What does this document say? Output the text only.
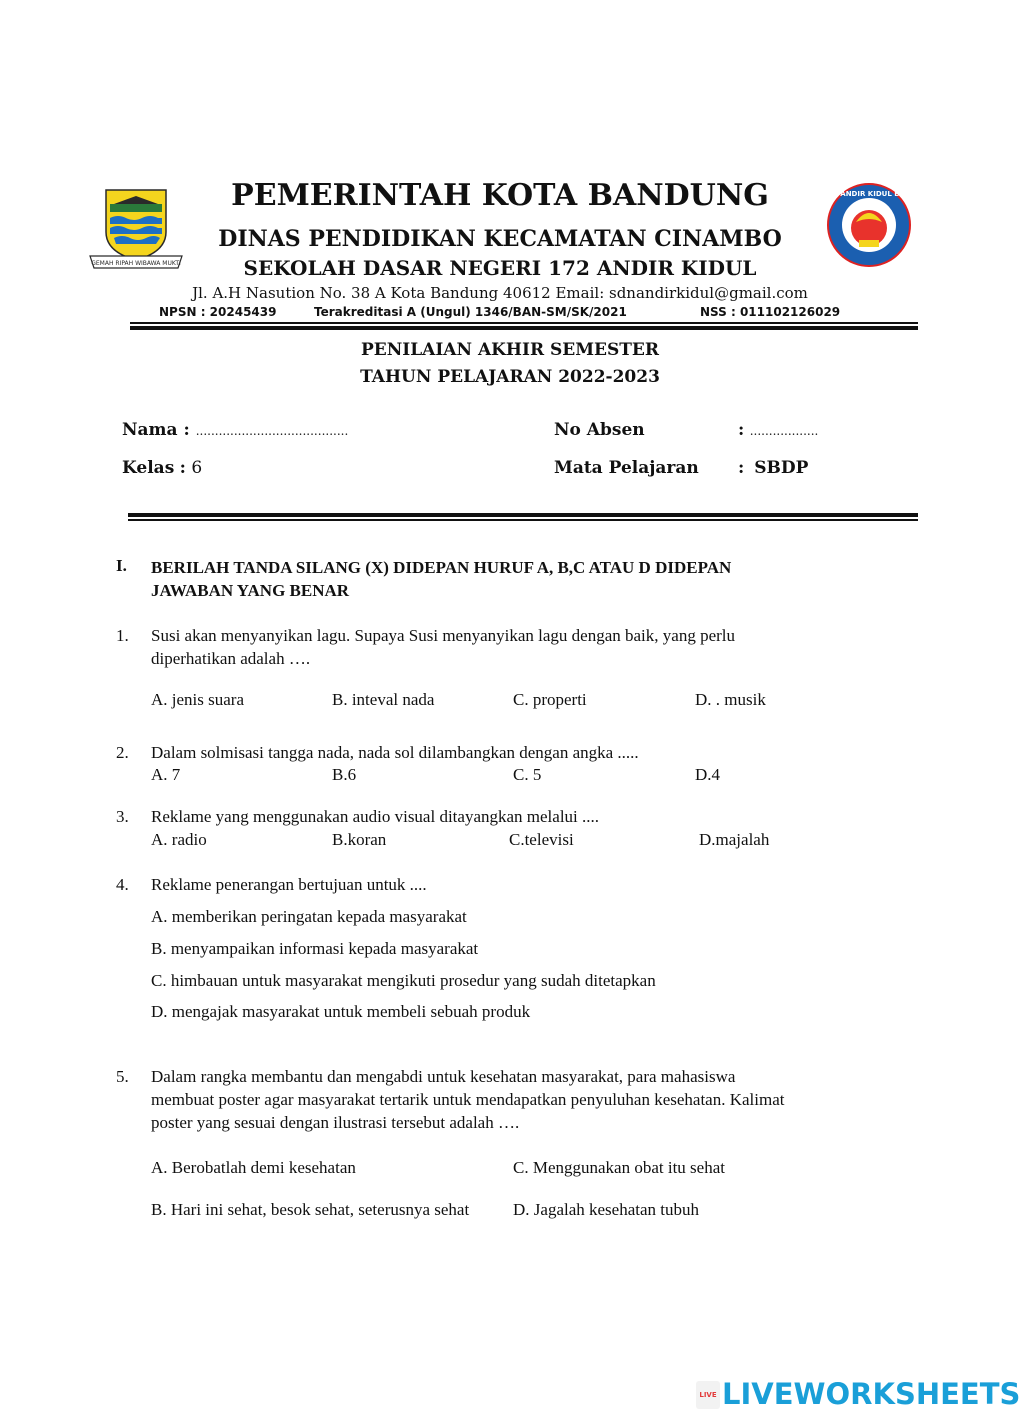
GEMAH RIPAH WIBAWA MUKTI
SDN 172 ANDIR KIDUL BANDUNG
PEMERINTAH KOTA BANDUNG
DINAS PENDIDIKAN KECAMATAN CINAMBO
SEKOLAH DASAR NEGERI 172 ANDIR KIDUL
Jl. A.H Nasution No. 38 A Kota Bandung 40612 Email: sdnandirkidul@gmail.com
NPSN : 20245439	Terakreditasi A (Ungul) 1346/BAN-SM/SK/2021	NSS : 011102126029
PENILAIAN AKHIR SEMESTER
TAHUN PELAJARAN 2022-2023
Nama : ........................................
Kelas : 6
No Absen	: ..................
Mata Pelajaran : SBDP
I. BERILAH TANDA SILANG (X) DIDEPAN HURUF A, B,C ATAU D DIDEPAN
JAWABAN YANG BENAR
1. Susi akan menyanyikan lagu. Supaya Susi menyanyikan lagu dengan baik, yang perlu
diperhatikan adalah ….
A. jenis suara	B. inteval nada	C. properti	D. . musik
2. Dalam solmisasi tangga nada, nada sol dilambangkan dengan angka .....
A. 7	B.6	C. 5	D.4
3. Reklame yang menggunakan audio visual ditayangkan melalui ....
A. radio	B.koran	C.televisi	D.majalah
4. Reklame penerangan bertujuan untuk ....
A. memberikan peringatan kepada masyarakat
B. menyampaikan informasi kepada masyarakat
C. himbauan untuk masyarakat mengikuti prosedur yang sudah ditetapkan
D. mengajak masyarakat untuk membeli sebuah produk
5. Dalam rangka membantu dan mengabdi untuk kesehatan masyarakat, para mahasiswa
membuat poster agar masyarakat tertarik untuk mendapatkan penyuluhan kesehatan. Kalimat
poster yang sesuai dengan ilustrasi tersebut adalah ….
A. Berobatlah demi kesehatan	C. Menggunakan obat itu sehat
B. Hari ini sehat, besok sehat, seterusnya sehat	D. Jagalah kesehatan tubuh
LIVE LIVEWORKSHEETS
